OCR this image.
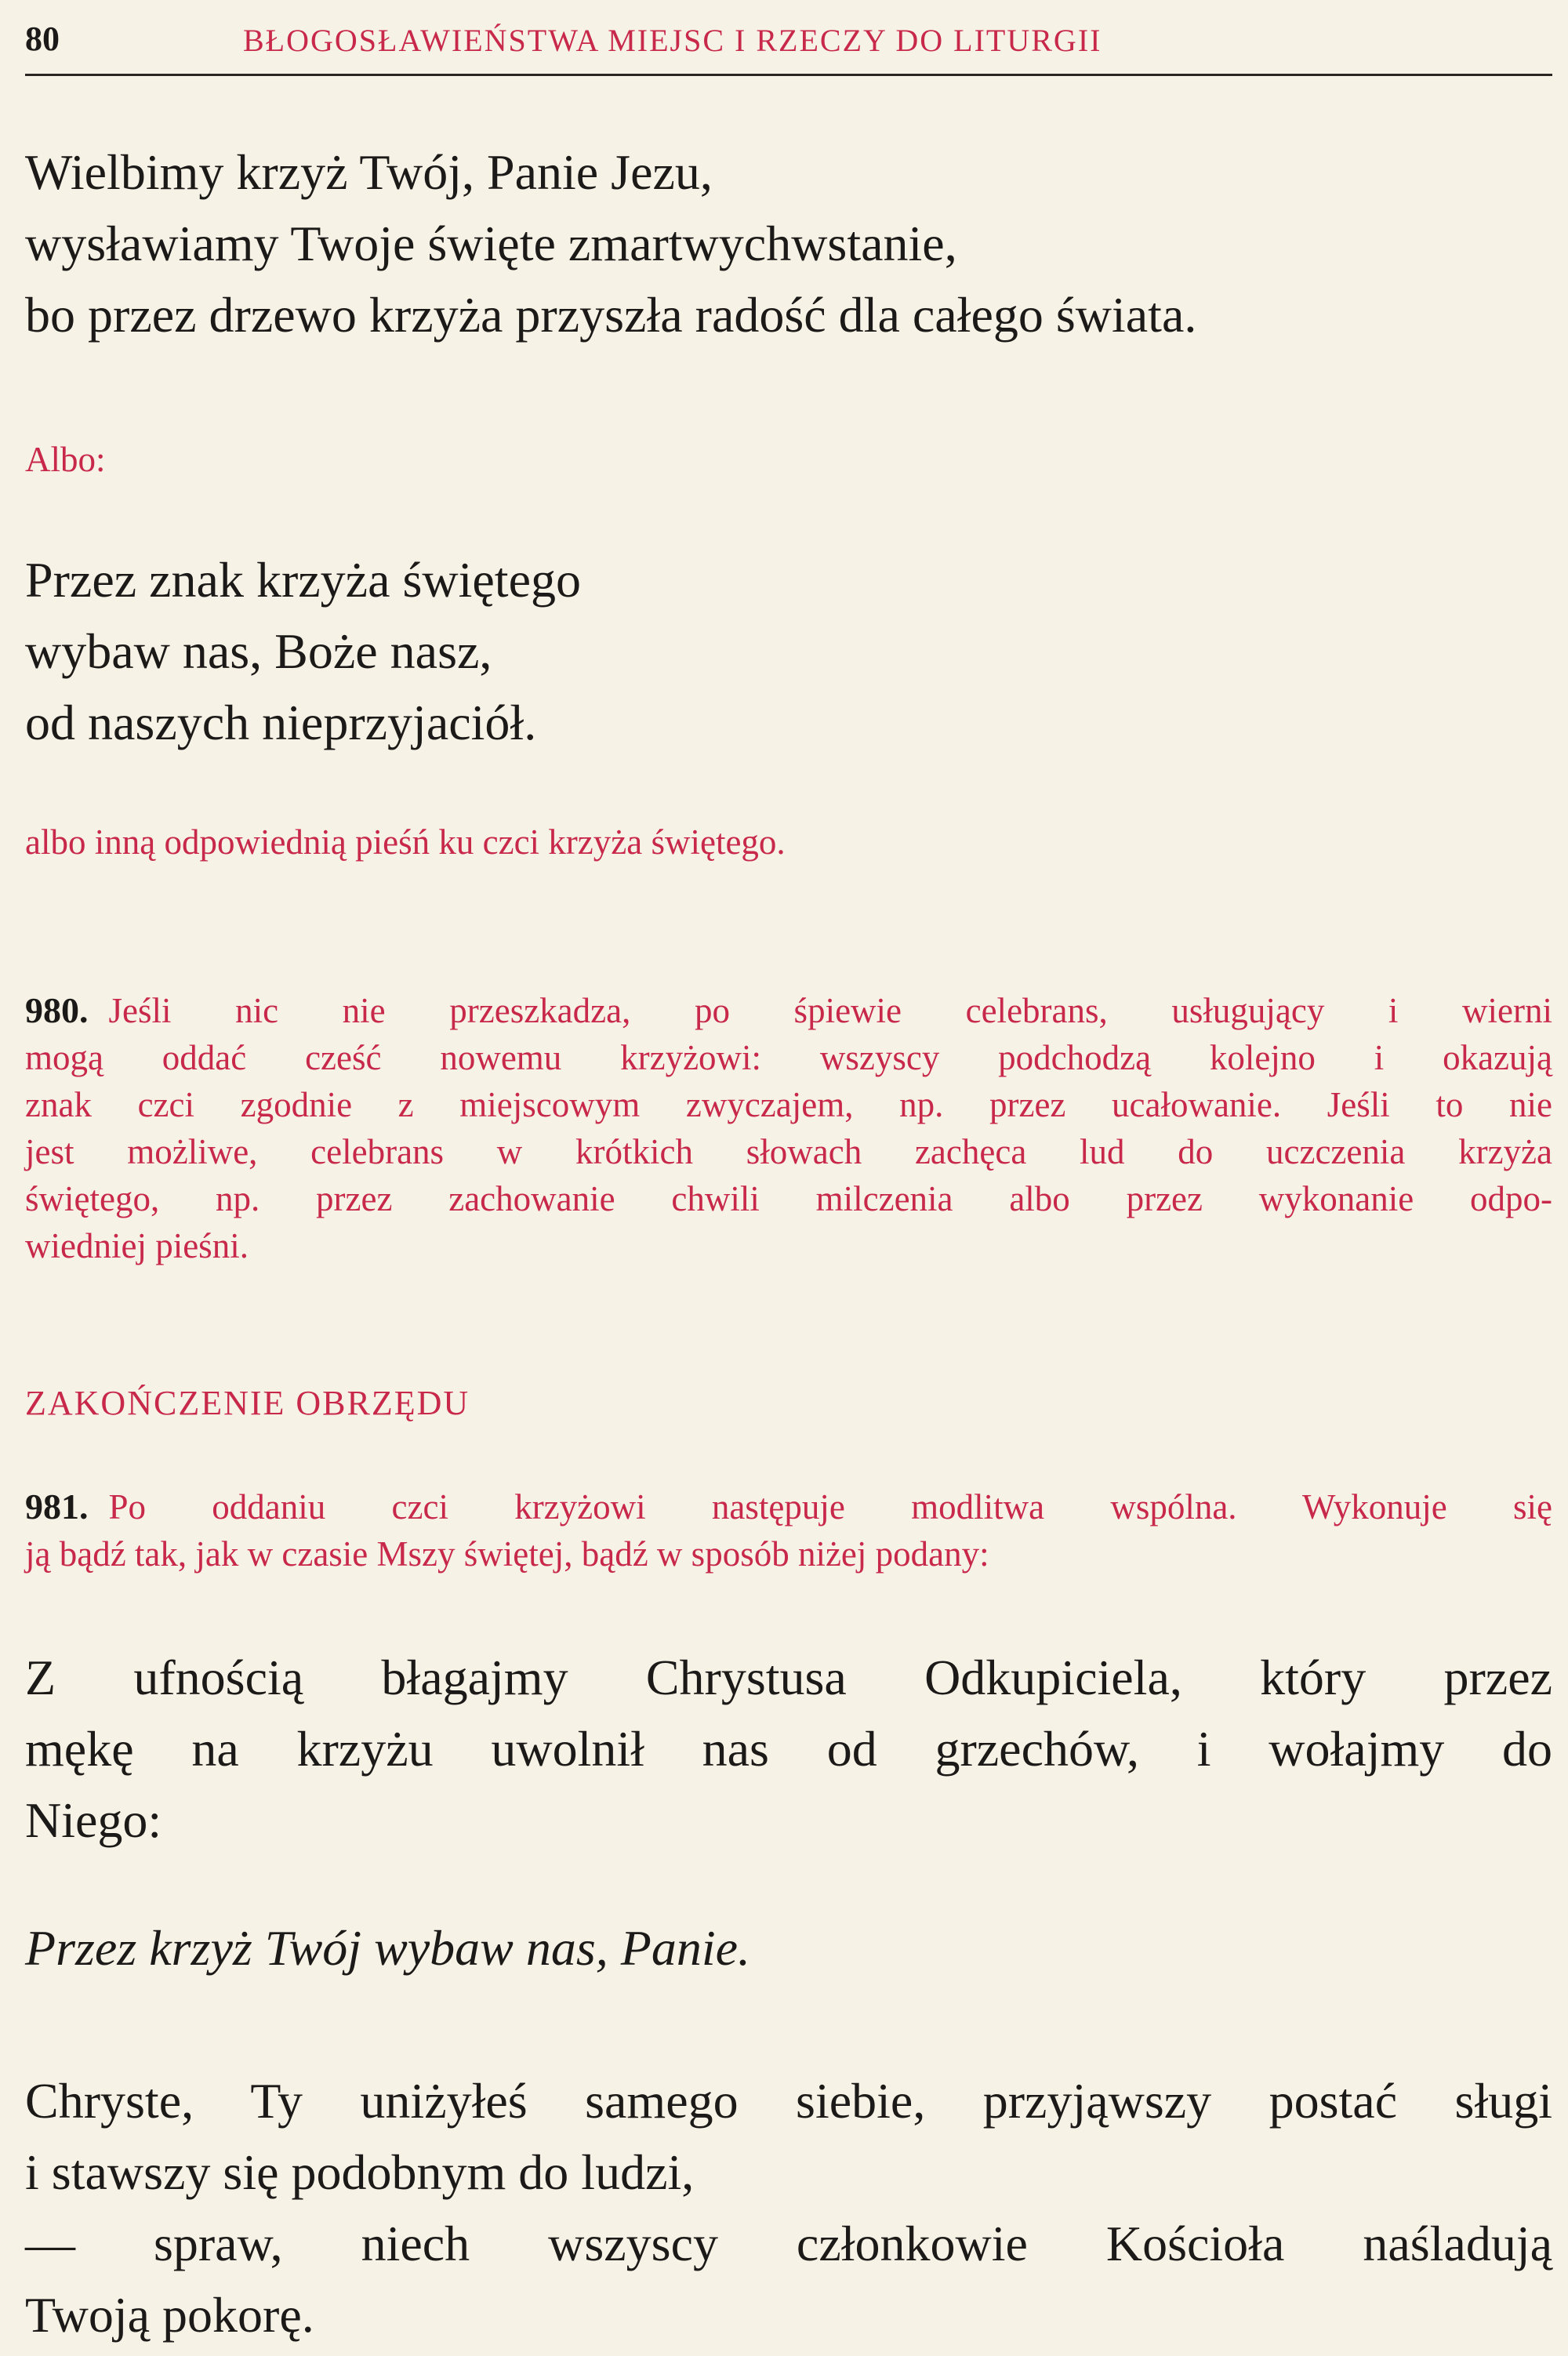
80	BŁOGOSŁAWIEŃSTWA MIEJSC I RZECZY DO LITURGII
Wielbimy krzyż Twój, Panie Jezu,
wysławiamy Twoje święte zmartwychwstanie,
bo przez drzewo krzyża przyszła radość dla całego świata.
Albo:
Przez znak krzyża świętego
wybaw nas, Boże nasz,
od naszych nieprzyjaciół.
albo inną odpowiednią pieśń ku czci krzyża świętego.
980. Jeśli nic nie przeszkadza, po śpiewie celebrans, usługujący i wierni
mogą oddać cześć nowemu krzyżowi: wszyscy podchodzą kolejno i okazują
znak czci zgodnie z miejscowym zwyczajem, np. przez ucałowanie. Jeśli to nie
jest możliwe, celebrans w krótkich słowach zachęca lud do uczczenia krzyża
świętego, np. przez zachowanie chwili milczenia albo przez wykonanie odpo-
wiedniej pieśni.
ZAKOŃCZENIE OBRZĘDU
981. Po oddaniu czci krzyżowi następuje modlitwa wspólna. Wykonuje się
ją bądź tak, jak w czasie Mszy świętej, bądź w sposób niżej podany:
Z ufnością błagajmy Chrystusa Odkupiciela, który przez
mękę na krzyżu uwolnił nas od grzechów, i wołajmy do
Niego:
Przez krzyż Twój wybaw nas, Panie.
Chryste, Ty uniżyłeś samego siebie, przyjąwszy postać sługi
i stawszy się podobnym do ludzi,
— spraw, niech wszyscy członkowie Kościoła naśladują
Twoją pokorę.
